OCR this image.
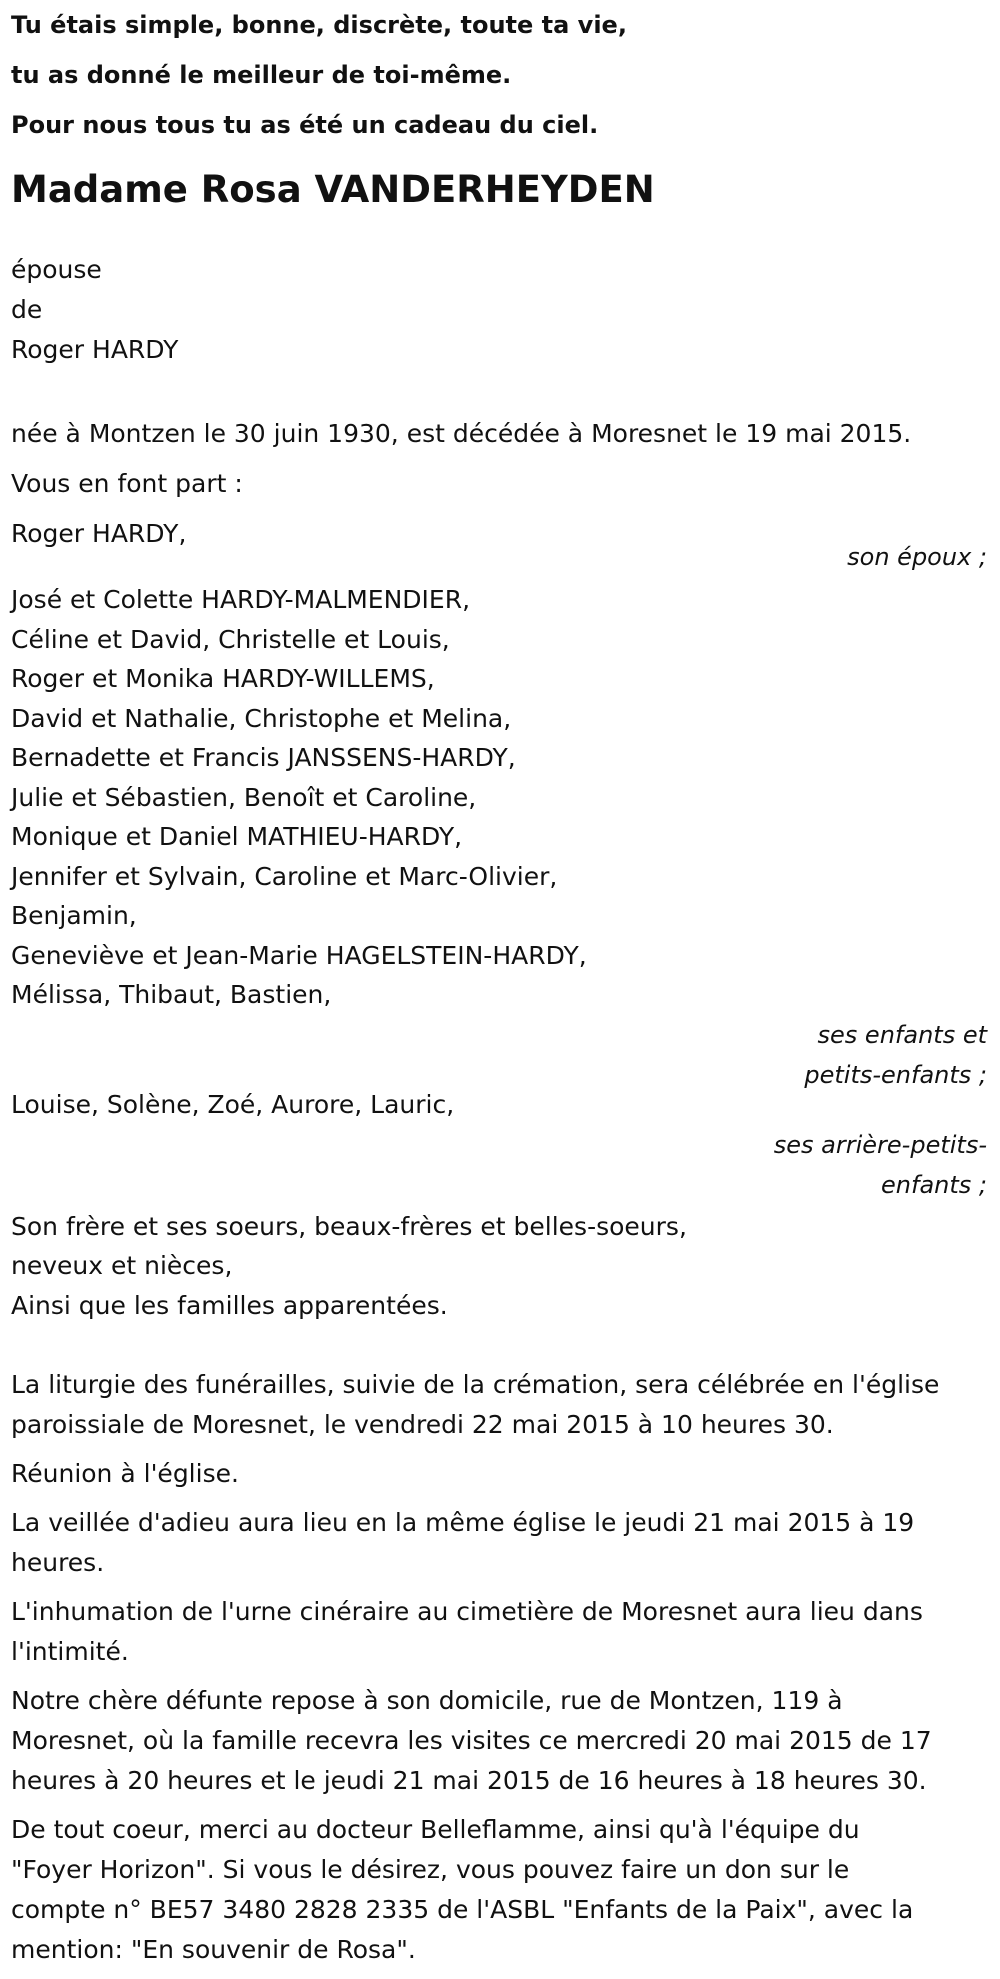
Tu étais simple, bonne, discrète, toute ta vie,
tu as donné le meilleur de toi-même.
Pour nous tous tu as été un cadeau du ciel.
Madame Rosa VANDERHEYDEN
épouse
de
Roger HARDY
née à Montzen le 30 juin 1930, est décédée à Moresnet le 19 mai 2015.
Vous en font part :
Roger HARDY,
son époux ;
José et Colette HARDY-MALMENDIER,
Céline et David, Christelle et Louis,
Roger et Monika HARDY-WILLEMS,
David et Nathalie, Christophe et Melina,
Bernadette et Francis JANSSENS-HARDY,
Julie et Sébastien, Benoît et Caroline,
Monique et Daniel MATHIEU-HARDY,
Jennifer et Sylvain, Caroline et Marc-Olivier,
Benjamin,
Geneviève et Jean-Marie HAGELSTEIN-HARDY,
Mélissa, Thibaut, Bastien,
ses enfants et
petits-enfants ;
Louise, Solène, Zoé, Aurore, Lauric,
ses arrière-petits-
enfants ;
Son frère et ses soeurs, beaux-frères et belles-soeurs,
neveux et nièces,
Ainsi que les familles apparentées.
La liturgie des funérailles, suivie de la crémation, sera célébrée en l'église
paroissiale de Moresnet, le vendredi 22 mai 2015 à 10 heures 30.
Réunion à l'église.
La veillée d'adieu aura lieu en la même église le jeudi 21 mai 2015 à 19
heures.
L'inhumation de l'urne cinéraire au cimetière de Moresnet aura lieu dans
l'intimité.
Notre chère défunte repose à son domicile, rue de Montzen, 119 à
Moresnet, où la famille recevra les visites ce mercredi 20 mai 2015 de 17
heures à 20 heures et le jeudi 21 mai 2015 de 16 heures à 18 heures 30.
De tout coeur, merci au docteur Belleflamme, ainsi qu'à l'équipe du
"Foyer Horizon". Si vous le désirez, vous pouvez faire un don sur le
compte n° BE57 3480 2828 2335 de l'ASBL "Enfants de la Paix", avec la
mention: "En souvenir de Rosa".
